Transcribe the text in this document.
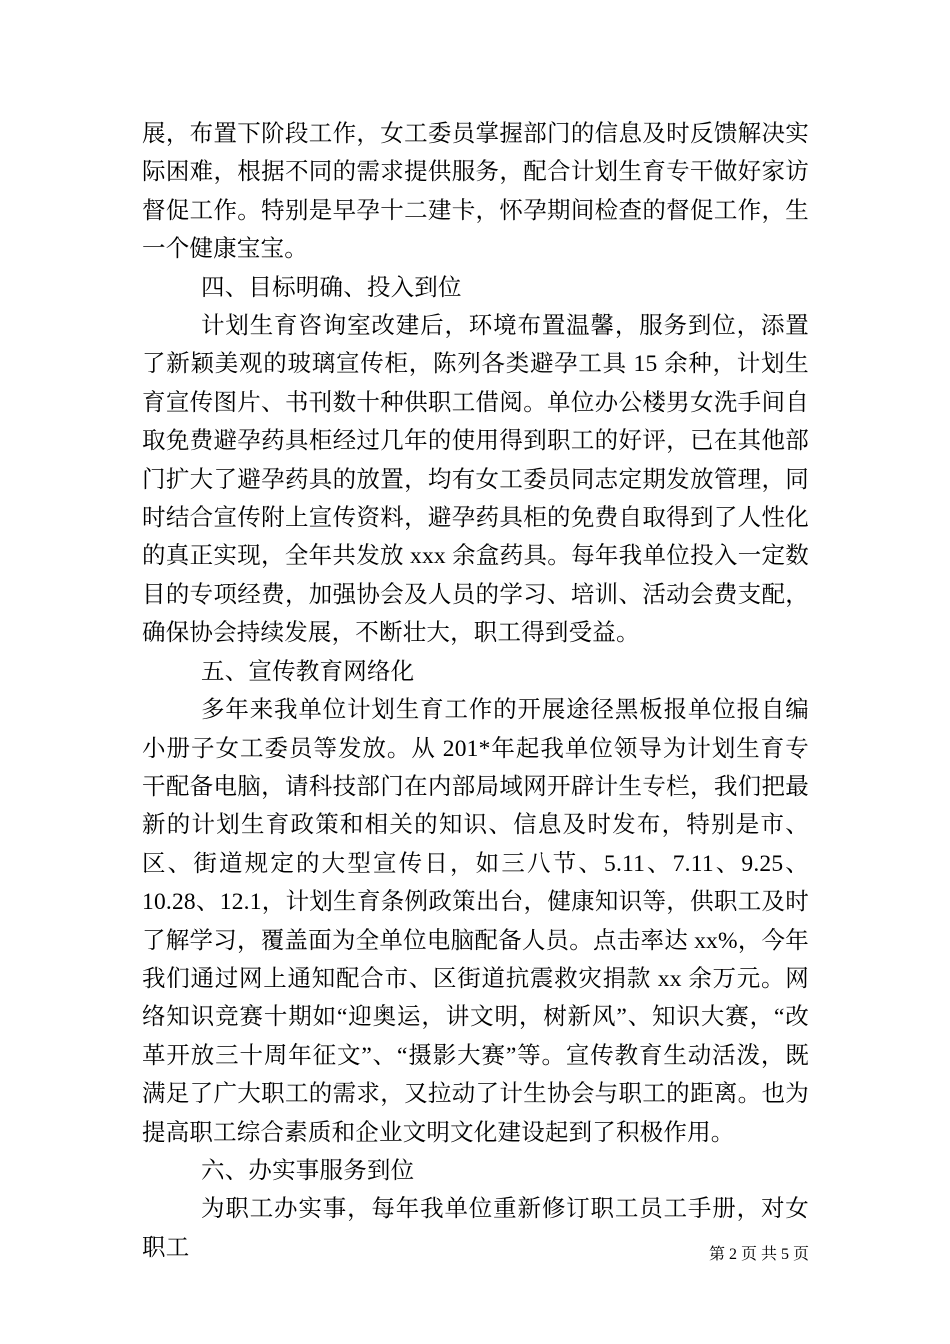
展，布置下阶段工作，女工委员掌握部门的信息及时反馈解决实际困难，根据不同的需求提供服务，配合计划生育专干做好家访督促工作。特别是早孕十二建卡，怀孕期间检查的督促工作，生一个健康宝宝。

四、目标明确、投入到位

计划生育咨询室改建后，环境布置温馨，服务到位，添置了新颖美观的玻璃宣传柜，陈列各类避孕工具 15 余种，计划生育宣传图片、书刊数十种供职工借阅。单位办公楼男女洗手间自取免费避孕药具柜经过几年的使用得到职工的好评，已在其他部门扩大了避孕药具的放置，均有女工委员同志定期发放管理，同时结合宣传附上宣传资料，避孕药具柜的免费自取得到了人性化的真正实现，全年共发放 xxx 余盒药具。每年我单位投入一定数目的专项经费，加强协会及人员的学习、培训、活动会费支配，确保协会持续发展，不断壮大，职工得到受益。

五、宣传教育网络化

多年来我单位计划生育工作的开展途径黑板报单位报自编小册子女工委员等发放。从 201*年起我单位领导为计划生育专干配备电脑，请科技部门在内部局域网开辟计生专栏，我们把最新的计划生育政策和相关的知识、信息及时发布，特别是市、区、街道规定的大型宣传日，如三八节、5.11、7.11、9.25、10.28、12.1，计划生育条例政策出台，健康知识等，供职工及时了解学习，覆盖面为全单位电脑配备人员。点击率达 xx%，今年我们通过网上通知配合市、区街道抗震救灾捐款 xx 余万元。网络知识竞赛十期如“迎奥运，讲文明，树新风”、知识大赛，“改革开放三十周年征文”、“摄影大赛”等。宣传教育生动活泼，既满足了广大职工的需求，又拉动了计生协会与职工的距离。也为提高职工综合素质和企业文明文化建设起到了积极作用。

六、办实事服务到位

为职工办实事，每年我单位重新修订职工员工手册，对女职工	第 2 页 共 5 页
